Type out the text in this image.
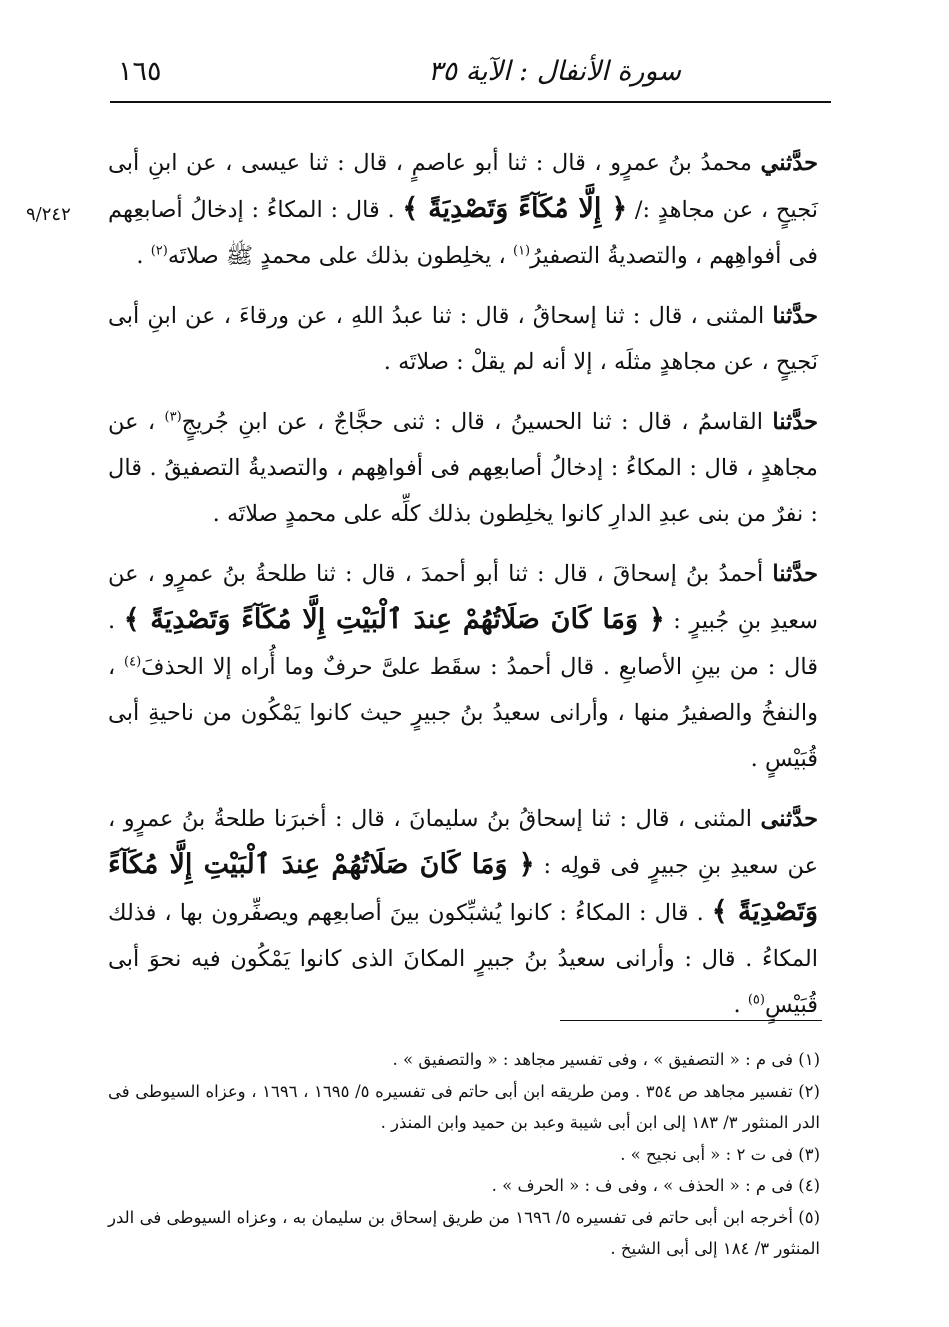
سورة الأنفال : الآية ٣٥
١٦٥
٩/٢٤٢

حدَّثني محمدُ بنُ عمرٍو ، قال : ثنا أبو عاصمٍ ، قال : ثنا عيسى ، عن ابنِ أبى نَجيحٍ ، عن مجاهدٍ :/ ﴿ إِلَّا مُكَآءً وَتَصْدِيَةً ﴾ . قال : المكاءُ : إدخالُ أصابعِهم فى أفواهِهم ، والتصديةُ التصفيرُ$^{(١)}$ ، يخلِطون بذلك على محمدٍ ﷺ صلاتَه$^{(٢)}$ .

حدَّثنا المثنى ، قال : ثنا إسحاقُ ، قال : ثنا عبدُ اللهِ ، عن ورقاءَ ، عن ابنِ أبى نَجيحٍ ، عن مجاهدٍ مثلَه ، إلا أنه لم يقلْ : صلاتَه .

حدَّثنا القاسمُ ، قال : ثنا الحسينُ ، قال : ثنى حجَّاجٌ ، عن ابنِ جُريجٍ$^{(٣)}$ ، عن مجاهدٍ ، قال : المكاءُ : إدخالُ أصابعِهم فى أفواهِهم ، والتصديةُ التصفيقُ . قال : نفرٌ من بنى عبدِ الدارِ كانوا يخلِطون بذلك كلِّه على محمدٍ صلاتَه .

حدَّثنا أحمدُ بنُ إسحاقَ ، قال : ثنا أبو أحمدَ ، قال : ثنا طلحةُ بنُ عمرٍو ، عن سعيدِ بنِ جُبيرٍ : ﴿ وَمَا كَانَ صَلَاتُهُمْ عِندَ ٱلْبَيْتِ إِلَّا مُكَآءً وَتَصْدِيَةً ﴾ . قال : من بينِ الأصابعِ . قال أحمدُ : سقَط علىَّ حرفٌ وما أُراه إلا الحذفَ$^{(٤)}$ ، والنفخُ والصفيرُ منها ، وأرانى سعيدُ بنُ جبيرٍ حيث كانوا يَمْكُون من ناحيةِ أبى قُبَيْسٍ .

حدَّثنى المثنى ، قال : ثنا إسحاقُ بنُ سليمانَ ، قال : أخبرَنا طلحةُ بنُ عمرٍو ، عن سعيدِ بنِ جبيرٍ فى قولِه : ﴿ وَمَا كَانَ صَلَاتُهُمْ عِندَ ٱلْبَيْتِ إِلَّا مُكَآءً وَتَصْدِيَةً ﴾ . قال : المكاءُ : كانوا يُشبِّكون بينَ أصابعِهم ويصفِّرون بها ، فذلك المكاءُ . قال : وأرانى سعيدُ بنُ جبيرٍ المكانَ الذى كانوا يَمْكُون فيه نحوَ أبى قُبَيْسٍ$^{(٥)}$ .

(١) فى م : « التصفيق » ، وفى تفسير مجاهد : « والتصفيق » .

(٢) تفسير مجاهد ص ٣٥٤ . ومن طريقه ابن أبى حاتم فى تفسيره ٥/ ١٦٩٥ ، ١٦٩٦ ، وعزاه السيوطى فى الدر المنثور ٣/ ١٨٣ إلى ابن أبى شيبة وعبد بن حميد وابن المنذر .

(٣) فى ت ٢ : « أبى نجيح » .

(٤) فى م : « الحذف » ، وفى ف : « الحرف » .

(٥) أخرجه ابن أبى حاتم فى تفسيره ٥/ ١٦٩٦ من طريق إسحاق بن سليمان به ، وعزاه السيوطى فى الدر المنثور ٣/ ١٨٤ إلى أبى الشيخ .
